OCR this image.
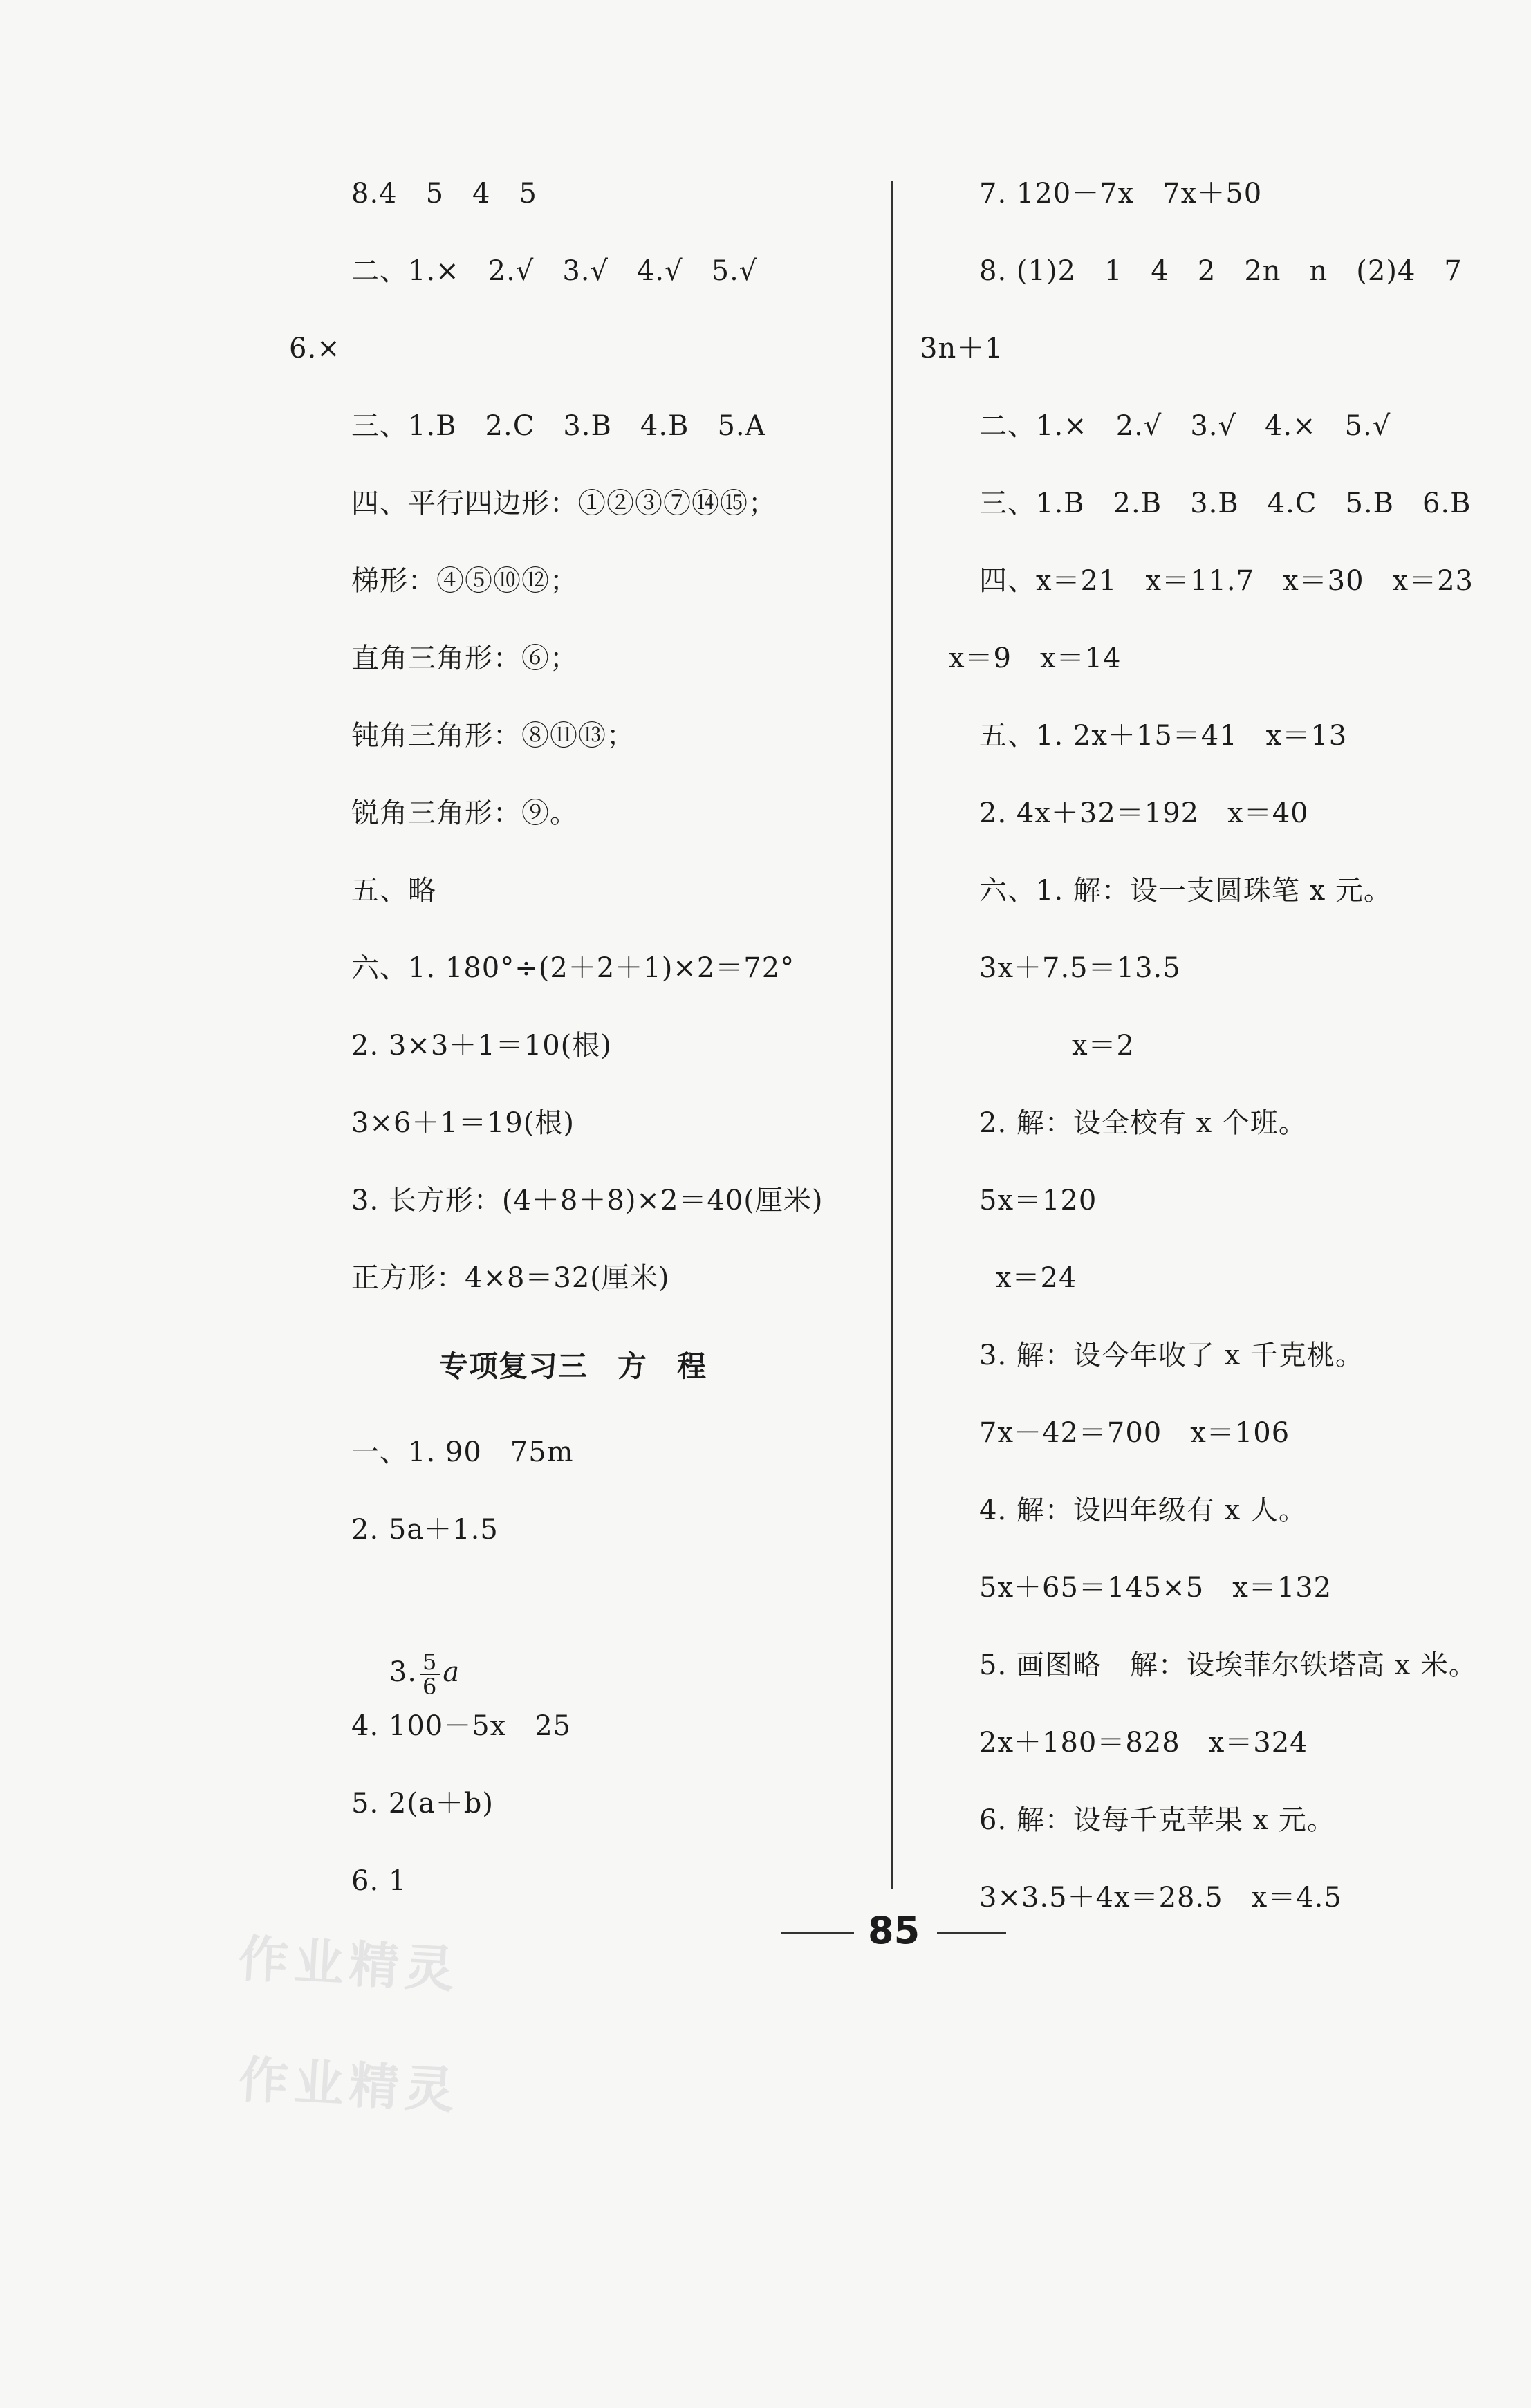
8.4　5　4　5
二、1.×　2.√　3.√　4.√　5.√
6.×
三、1.B　2.C　3.B　4.B　5.A
四、平行四边形：①②③⑦⑭⑮；
梯形：④⑤⑩⑫；
直角三角形：⑥；
钝角三角形：⑧⑪⑬；
锐角三角形：⑨。
五、略
六、1. 180°÷(2＋2＋1)×2＝72°
2. 3×3＋1＝10(根)
3×6＋1＝19(根)
3. 长方形：(4＋8＋8)×2＝40(厘米)
正方形：4×8＝32(厘米)
专项复习三　方　程
一、1. 90　75m
2. 5a＋1.5

3. $\frac{5}{6}$ a

4. 100－5x　25
5. 2(a＋b)
6. 1
7. 120－7x　7x＋50
8. (1)2　1　4　2　2n　n　(2)4　7
3n＋1
二、1.×　2.√　3.√　4.×　5.√
三、1.B　2.B　3.B　4.C　5.B　6.B
四、x＝21　x＝11.7　x＝30　x＝23
x＝9　x＝14
五、1. 2x＋15＝41　x＝13
2. 4x＋32＝192　x＝40
六、1. 解：设一支圆珠笔 x 元。
3x＋7.5＝13.5
x＝2
2. 解：设全校有 x 个班。
5x＝120
x＝24
3. 解：设今年收了 x 千克桃。
7x－42＝700　x＝106
4. 解：设四年级有 x 人。
5x＋65＝145×5　x＝132
5. 画图略　解：设埃菲尔铁塔高 x 米。
2x＋180＝828　x＝324
6. 解：设每千克苹果 x 元。
3×3.5＋4x＝28.5　x＝4.5
85
作业精灵
作业精灵
